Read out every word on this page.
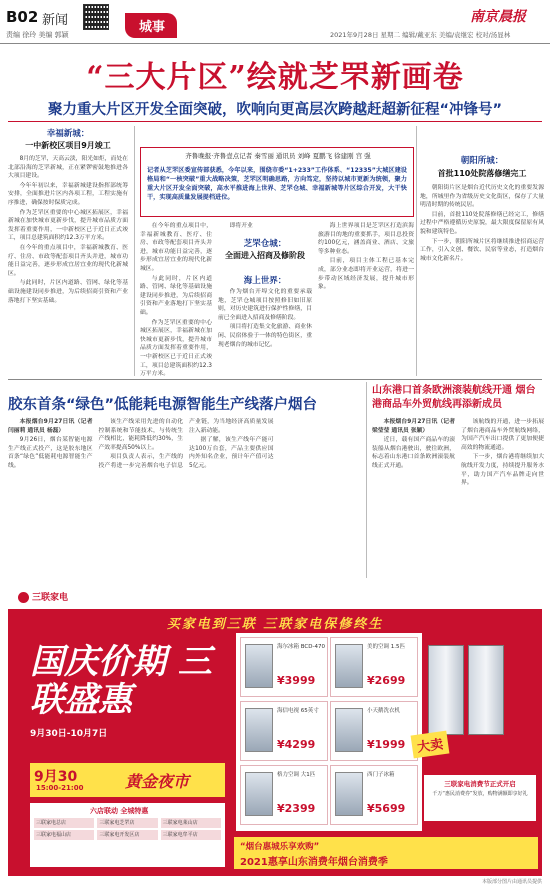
B02 新闻
责编 徐玲 美编 郭颖	城事
南京晨报
2021年9月28日 星期二 编辑/戴亚东 美编/袁继宏 校对/汤显林
“三大片区”绘就芝罘新画卷
聚力重大片区开发全面突破，吹响向更高层次跨越赶超新征程“冲锋号”
幸福新城：
一中新校区项目9月竣工

8月的芝罘，天高云淡，阳光如炬，而处在北部沿海的芝罘新城，正在紧锣密鼓地推进各大项目建设。

今年年初以来，幸福新城建设指挥部统筹安排，全面推进片区内各项工程，工程实施有序推进，确保按时保质完成。

作为芝罘区重要的中心城区拓展区，幸福新城在加快城市更新步伐，提升城市品质方面发挥着重要作用，一中新校区已于近日正式竣工，项目总建筑面积约12.3万平方米。

在今年的重点项目中，幸福新城教育、医疗、住房、市政等配套项目齐头并进，城市功能日益完善，逐步形成宜居宜业的现代化新城区。

与此同时，片区内道路、管网、绿化等基础设施建设同步推进，为后续招商引资和产业落地打下坚实基础。

齐鲁晚报·齐鲁壹点记者 秦雪丽 通讯员 刘峰 夏鹏飞 徐建刚 宫 强
记者从芝罘区委宣传部获悉，今年以来，围绕市委“1+233”工作体系、“12335”大城区建设格局和“一核突破”重大战略决策，芝罘区明确思路，方向笃定，坚持以城市更新为统领，聚力重大片区开发全面突破，高水平推进海上世界、芝罘仓城、幸福新城等片区综合开发，大干快干，实现高质量发展提档进位。

在今年的重点项目中，幸福新城教育、医疗、住房、市政等配套项目齐头并进，城市功能日益完善，逐步形成宜居宜业的现代化新城区。

与此同时，片区内道路、管网、绿化等基础设施建设同步推进，为后续招商引资和产业落地打下坚实基础。

作为芝罘区重要的中心城区拓展区，幸福新城在加快城市更新步伐，提升城市品质方面发挥着重要作用，一中新校区已于近日正式竣工，项目总建筑面积约12.3万平方米。

芝罘仓城：
全面进入招商及修阶段
海上世界：

即将开业

作为烟台开埠文化的重要承载地，芝罘仓城项目按照修旧如旧原则，对历史建筑进行保护性修缮，目前已全面进入招商及修缮阶段。

项目将打造集文化旅游、商业休闲、民宿体验于一体的特色街区，重现老烟台的城市记忆。

海上世界项目是芝罘区打造滨海旅游目的地的重要抓手，项目总投资约100亿元，涵盖商业、酒店、文旅等多种业态。

目前，项目主体工程已基本完成，部分业态即将开业运营，将进一步带动区域经济发展，提升城市形象。

朝阳所城：
首批110处院落修缮完工

朝阳街片区是烟台近代历史文化的重要发源地，所城里作为省级历史文化街区，保存了大量明清时期的传统民居。

目前，首批110处院落修缮已经完工，修缮过程中严格遵循历史原貌，最大限度保留原有风貌和建筑特色。

下一步，朝阳所城片区将继续推进招商运营工作，引入文创、餐饮、民宿等业态，打造烟台城市文化新名片。

胶东首条“绿色”低能耗电源智能生产线落户烟台

本报烟台9月27日讯（记者 闫丽莉 通讯员 杨磊）

9月26日，烟台某智能电源生产线正式投产，这是胶东地区首条“绿色”低能耗电源智能生产线。

该生产线采用先进的自动化控制系统和节能技术，与传统生产线相比，能耗降低约30%，生产效率提高50%以上。

项目负责人表示，生产线的投产将进一步完善烟台电子信息产业链，为当地经济高质量发展注入新动能。

据了解，该生产线年产能可达100万台套，产品主要供应国内外知名企业，预计年产值可达5亿元。

山东港口首条欧洲滚装航线开通 烟台港商品车外贸航线再添新成员

本报烟台9月27日讯（记者 梁莹莹 通讯员 张颖）

近日，载有国产商品车的滚装船从烟台港驶出，驶往欧洲，标志着山东港口首条欧洲滚装航线正式开通。

该航线的开通，进一步拓展了烟台港商品车外贸航线网络，为国产汽车出口提供了更加便捷高效的物流通道。

下一步，烟台港将继续加大航线开发力度，持续提升服务水平，助力国产汽车品牌走向世界。

三联家电
买家电到三联 三联家电保修终生
国庆价期 三联盛惠
9月30日-10月7日
9月30
15:00-21:00	黄金夜市
六店联动 全城特惠
三联家电总店	三联家电芝罘店	三联家电莱山店
三联家电福山店	三联家电开发区店	三联家电牟平店
海尔冰箱 BCD-470
¥3999
美的空调 1.5匹
¥2699
海信电视 65英寸
¥4299
小天鹅洗衣机
¥1999
格力空调 大1匹
¥2399
西门子冰箱
¥5699
大卖
三联家电消费节正式开启
千万“惠民消费券”发放，购物满额即享好礼
“烟台惠城乐享欢购”
2021惠享山东消费年烟台消费季
本版部分图片由通讯员提供
